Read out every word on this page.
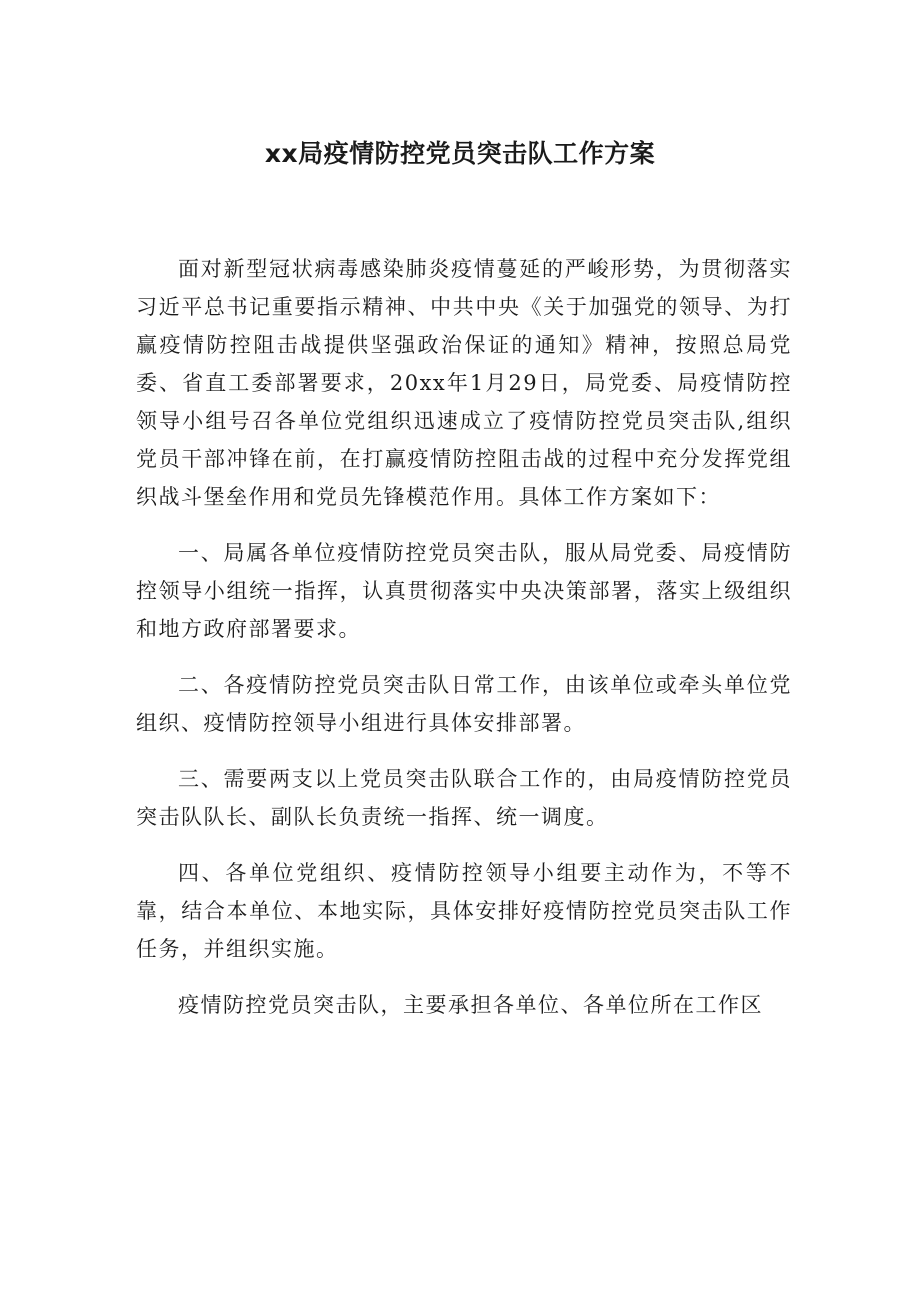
xx局疫情防控党员突击队工作方案

面对新型冠状病毒感染肺炎疫情蔓延的严峻形势，为贯彻落实习近平总书记重要指示精神、中共中央《关于加强党的领导、为打赢疫情防控阻击战提供坚强政治保证的通知》精神，按照总局党委、省直工委部署要求，20xx年1月29日，局党委、局疫情防控领导小组号召各单位党组织迅速成立了疫情防控党员突击队,组织党员干部冲锋在前，在打赢疫情防控阻击战的过程中充分发挥党组织战斗堡垒作用和党员先锋模范作用。具体工作方案如下：

一、局属各单位疫情防控党员突击队，服从局党委、局疫情防控领导小组统一指挥，认真贯彻落实中央决策部署，落实上级组织和地方政府部署要求。

二、各疫情防控党员突击队日常工作，由该单位或牵头单位党组织、疫情防控领导小组进行具体安排部署。

三、需要两支以上党员突击队联合工作的，由局疫情防控党员突击队队长、副队长负责统一指挥、统一调度。

四、各单位党组织、疫情防控领导小组要主动作为，不等不靠，结合本单位、本地实际，具体安排好疫情防控党员突击队工作任务，并组织实施。

疫情防控党员突击队，主要承担各单位、各单位所在工作区
